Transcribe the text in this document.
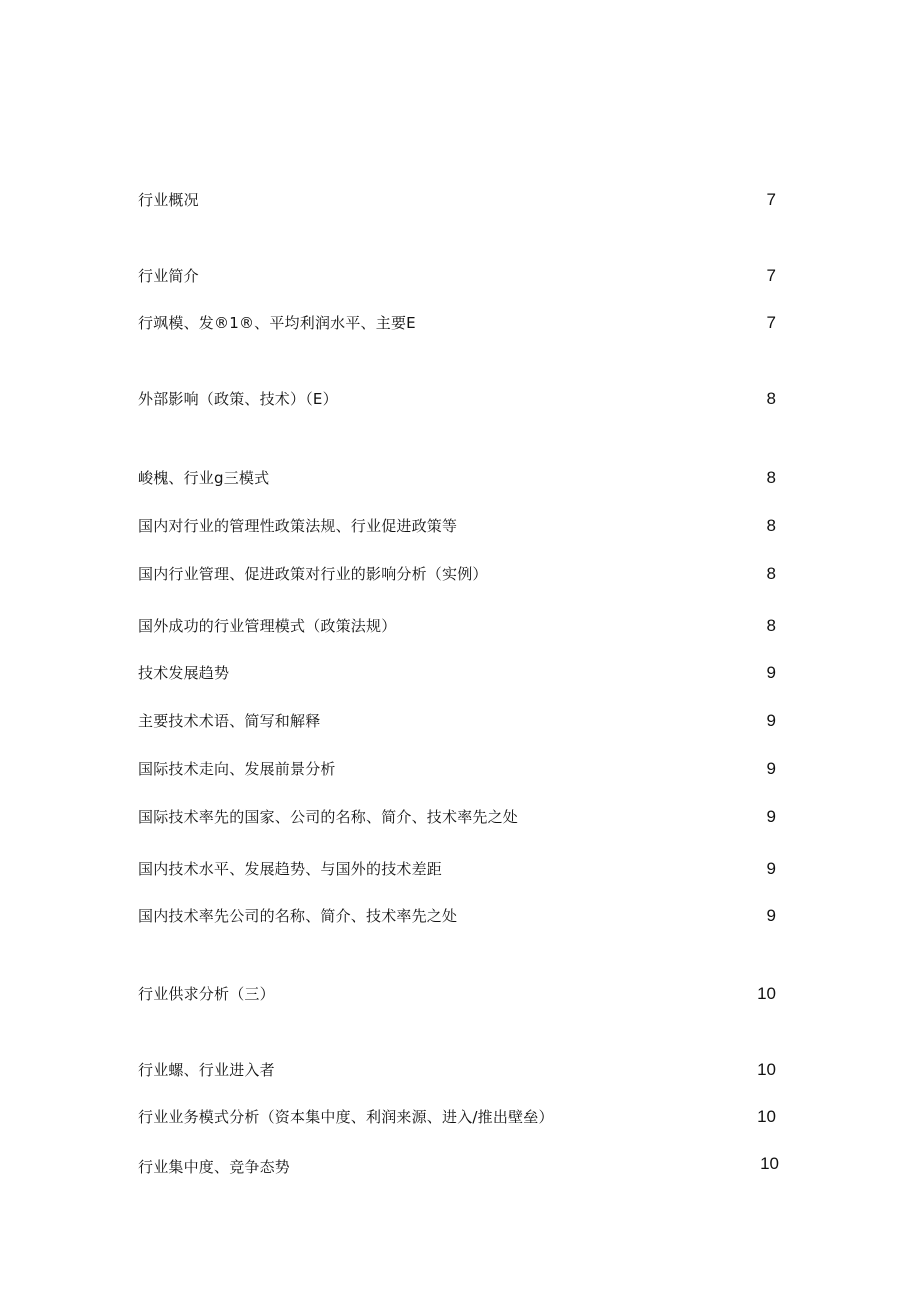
行业概况	7
行业简介	7
行飒模、发®1®、平均利润水平、主要E	7
外部影响（政策、技术）（E）	8
峻槐、行业g三模式	8
国内对行业的管理性政策法规、行业促进政策等	8
国内行业管理、促进政策对行业的影响分析（实例）	8
国外成功的行业管理模式（政策法规）	8
技术发展趋势	9
主要技术术语、简写和解释	9
国际技术走向、发展前景分析	9
国际技术率先的国家、公司的名称、简介、技术率先之处	9
国内技术水平、发展趋势、与国外的技术差距	9
国内技术率先公司的名称、简介、技术率先之处	9
行业供求分析（三）	10
行业螺、行业进入者	10
行业业务模式分析（资本集中度、利润来源、进入/推出壁垒）	10
行业集中度、竞争态势	10
